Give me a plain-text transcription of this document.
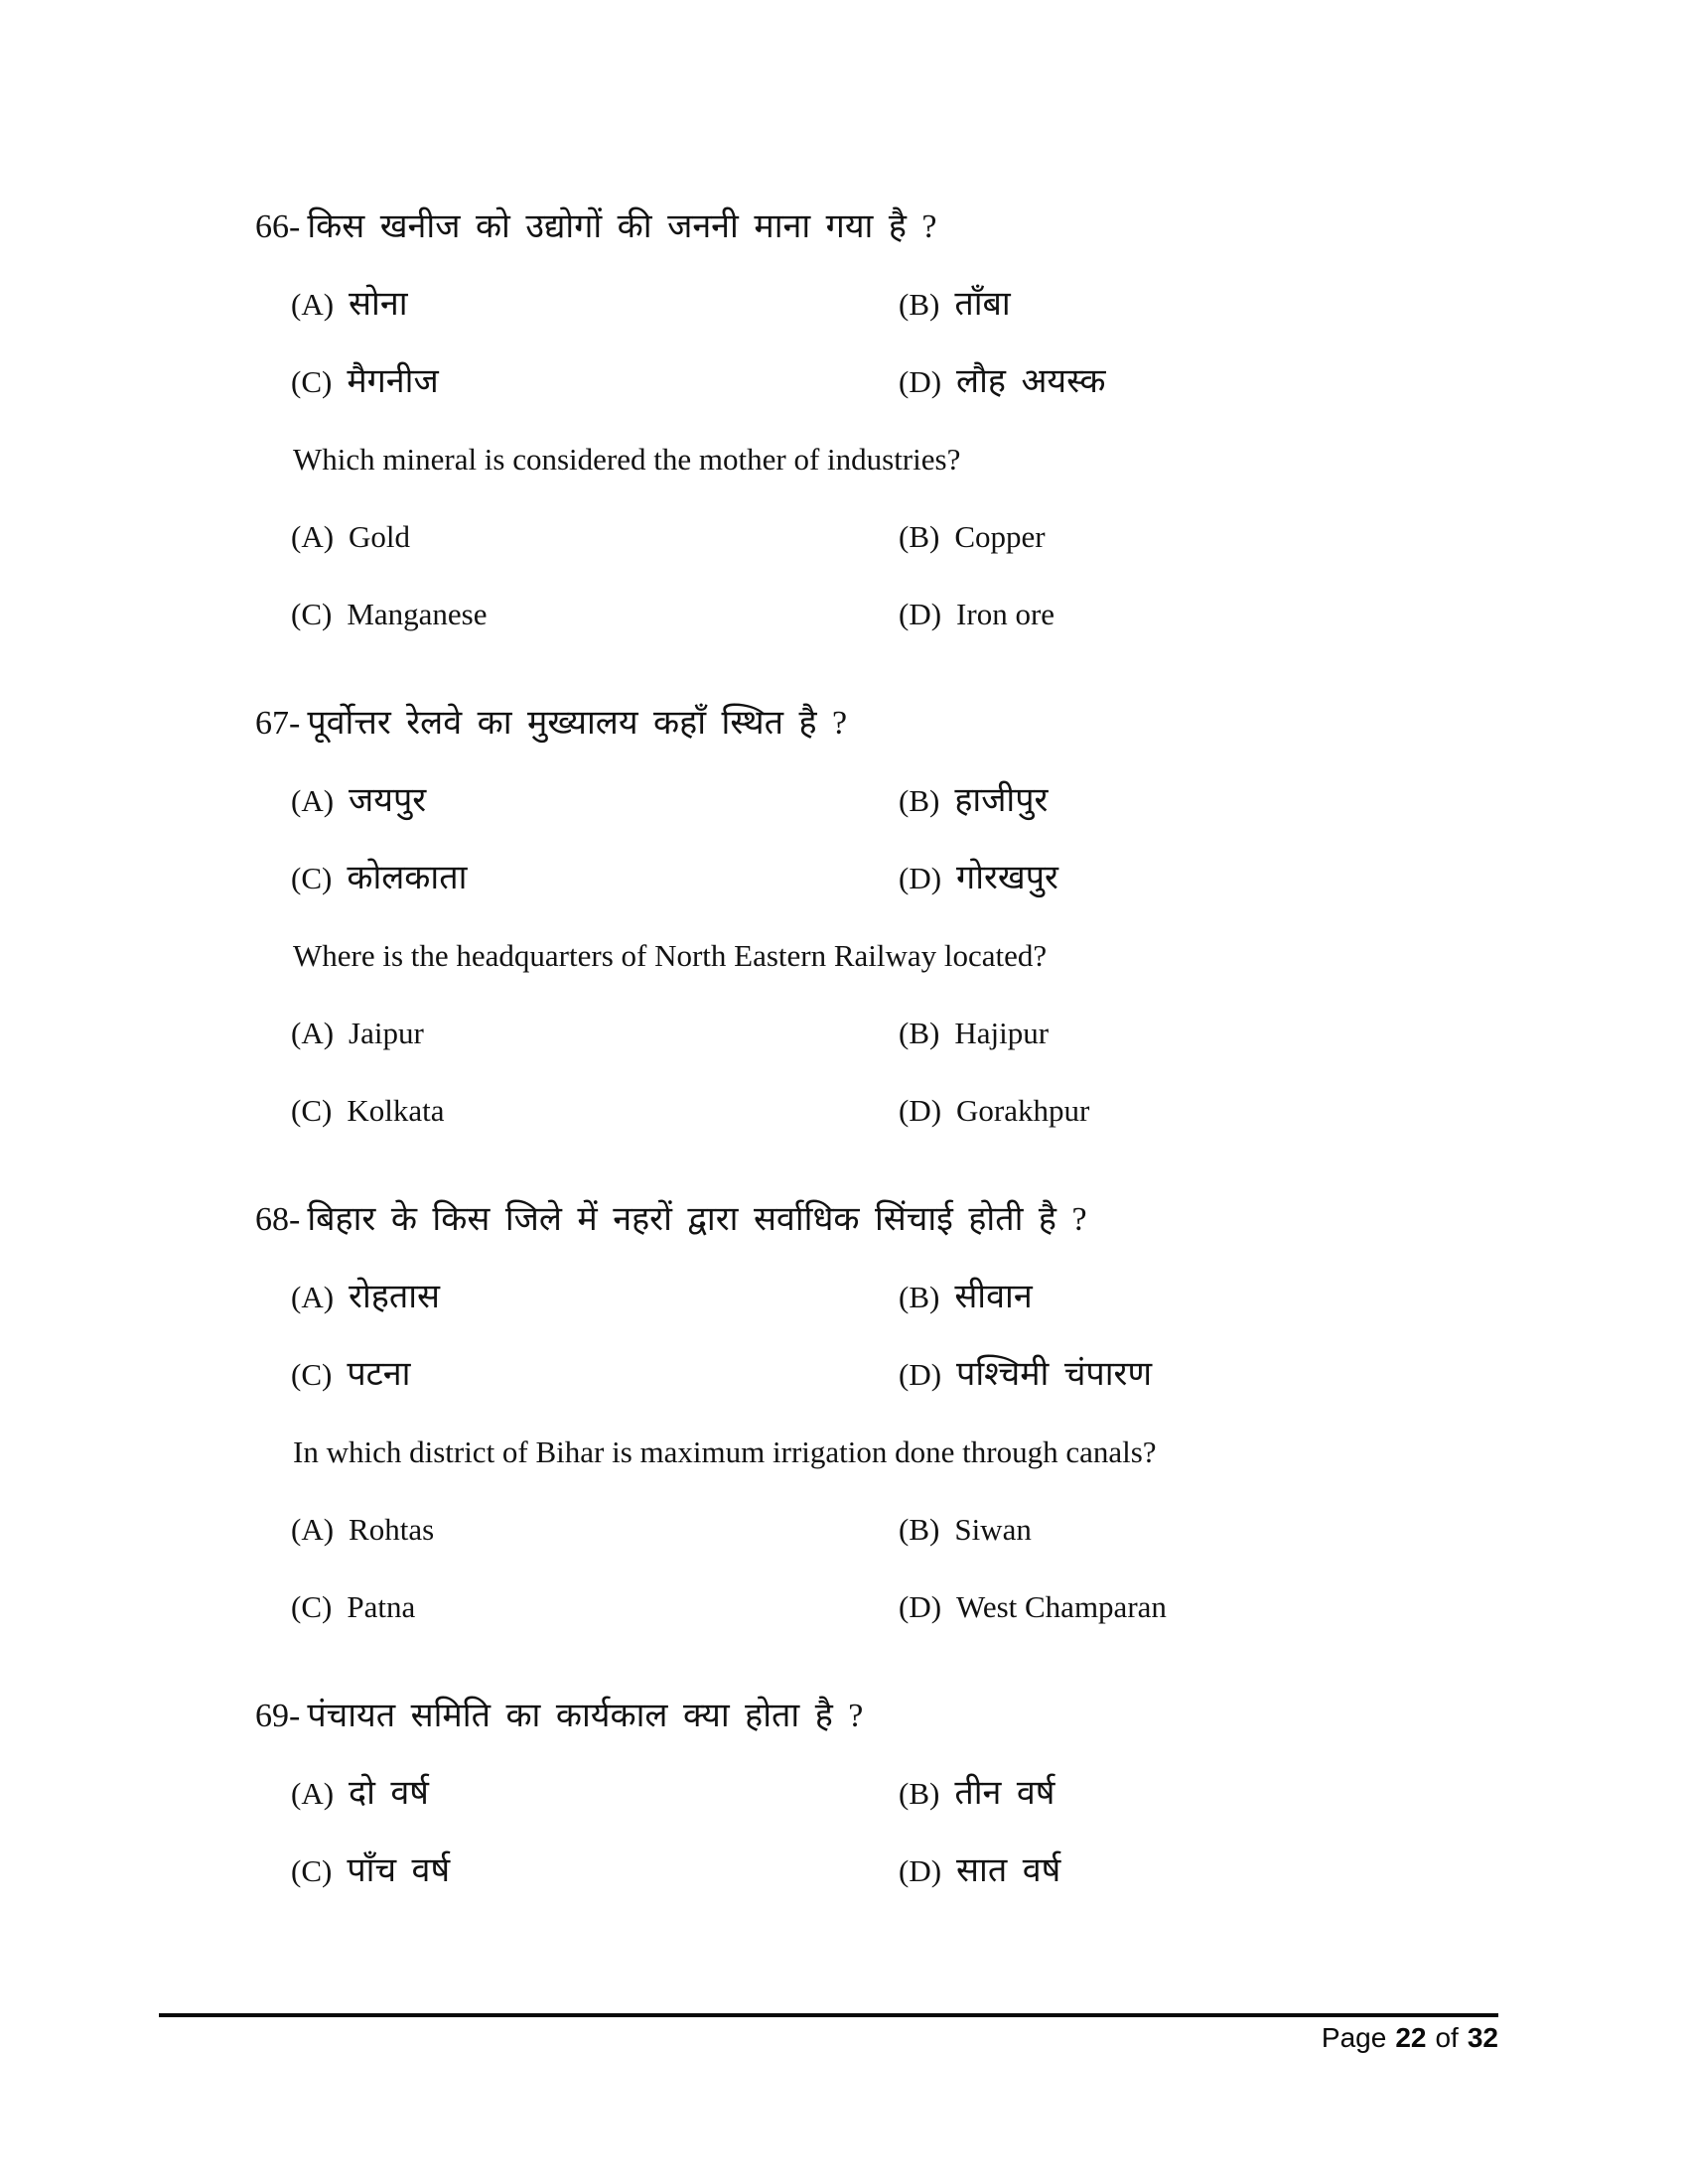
66- किस खनीज को उद्योगों की जननी माना गया है ?
(A) सोना	(B) ताँबा
(C) मैगनीज	(D) लौह अयस्क
Which mineral is considered the mother of industries?
(A) Gold	(B) Copper
(C) Manganese	(D) Iron ore
67- पूर्वोत्तर रेलवे का मुख्यालय कहाँ स्थित है ?
(A) जयपुर	(B) हाजीपुर
(C) कोलकाता	(D) गोरखपुर
Where is the headquarters of North Eastern Railway located?
(A) Jaipur	(B) Hajipur
(C) Kolkata	(D) Gorakhpur
68- बिहार के किस जिले में नहरों द्वारा सर्वाधिक सिंचाई होती है ?
(A) रोहतास	(B) सीवान
(C) पटना	(D) पश्चिमी चंपारण
In which district of Bihar is maximum irrigation done through canals?
(A) Rohtas	(B) Siwan
(C) Patna	(D) West Champaran
69- पंचायत समिति का कार्यकाल क्या होता है ?
(A) दो वर्ष	(B) तीन वर्ष
(C) पाँच वर्ष	(D) सात वर्ष
Page 22 of 32
